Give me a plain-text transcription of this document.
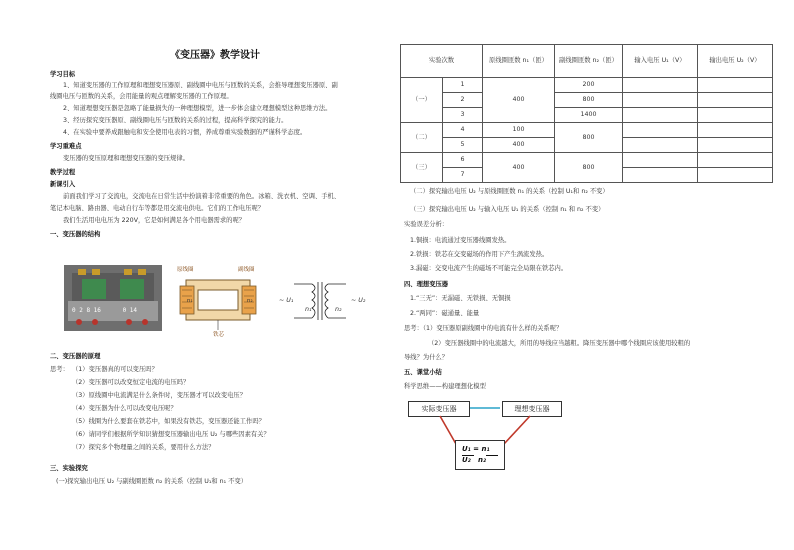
《变压器》教学设计
学习目标
1、知道变压器的工作原理和理想变压器原、副线圈中电压与匝数的关系，会推导理想变压器原、副
线圈电压与匝数的关系，会用能量的观点理解变压器的工作原理。
2、知道理想变压器是忽略了能量损失的一种理想模型，进一步体会建立理想模型这种思维方法。
3、经历探究变压器原、副线圈电压与匝数的关系的过程，提高科学探究的能力。
4、在实验中要养成跟触电和安全使用电表的习惯，养成尊重实验数据的严谨科学态度。
学习重难点
变压器的变压原理和理想变压器的变压规律。
教学过程
新课引入
前面我们学习了交流电，交流电在日常生活中扮演着非常重要的角色。冰箱、洗衣机、空调、手机、
笔记本电脑、路由器、电动自行车等都是用交流电供电。它们的工作电压呢？
我们生活用电电压为 220V，它是如何满足各个用电器需求的呢？
一、变压器的结构
0 2 8 16      0 14
原线圈	副线圈
铁芯
n₁	n₂	~ U₁
n₁	n₂
~ U₂
二、变压器的原理
思考： （1）变压器真的可以变压吗？
（2）变压器可以改变恒定电流的电压吗？
（3）原线圈中电流满足什么条件时，变压器才可以改变电压？
（4）变压器为什么可以改变电压呢？
（5）线圈为什么要套在铁芯中，如果没有铁芯，变压器还能工作吗？
（6）请同学们根据所学知识猜想变压器输出电压 U₂ 与哪些因素有关？
（7）探究多个物理量之间的关系，要用什么方法？
三、实验探究
(一)探究输出电压 U₂ 与副线圈匝数 n₂ 的关系（控制 U₁和 n₁ 不变）
实验次数		原线圈匝数 n₁（匝）	副线圈匝数 n₂（匝）	输入电压 U₁（V）	输出电压 U₂（V）
（一）	1	400	200		
	2		800		
	3		1400		
（二）	4	100	800		
	5	400			
（三）	6	400	800		
	7				
（二）探究输出电压 U₂ 与原线圈匝数 n₁ 的关系（控制 U₁和 n₂ 不变）
（三）探究输出电压 U₂ 与输入电压 U₁ 的关系（控制 n₁ 和 n₂ 不变）
实验误差分析：
1.铜损：电流通过变压器线圈发热。
2.铁损：铁芯在交变磁场的作用下产生涡流发热。
3.漏磁：交变电流产生的磁场不可能完全局限在铁芯内。
四、理想变压器
1.“三无”：无漏磁、无铁损、无铜损
2.“两同”：磁通量、能量
思考：（1）变压器原副线圈中的电流有什么样的关系呢？
（2）变压器线圈中的电流越大，所用的导线应当越粗。降压变压器中哪个线圈应该使用较粗的
导线？为什么？
五、课堂小结
科学思维——构建理想化模型
实际变压器	理想变压器
U₁ = n₁
U₂   n₂
